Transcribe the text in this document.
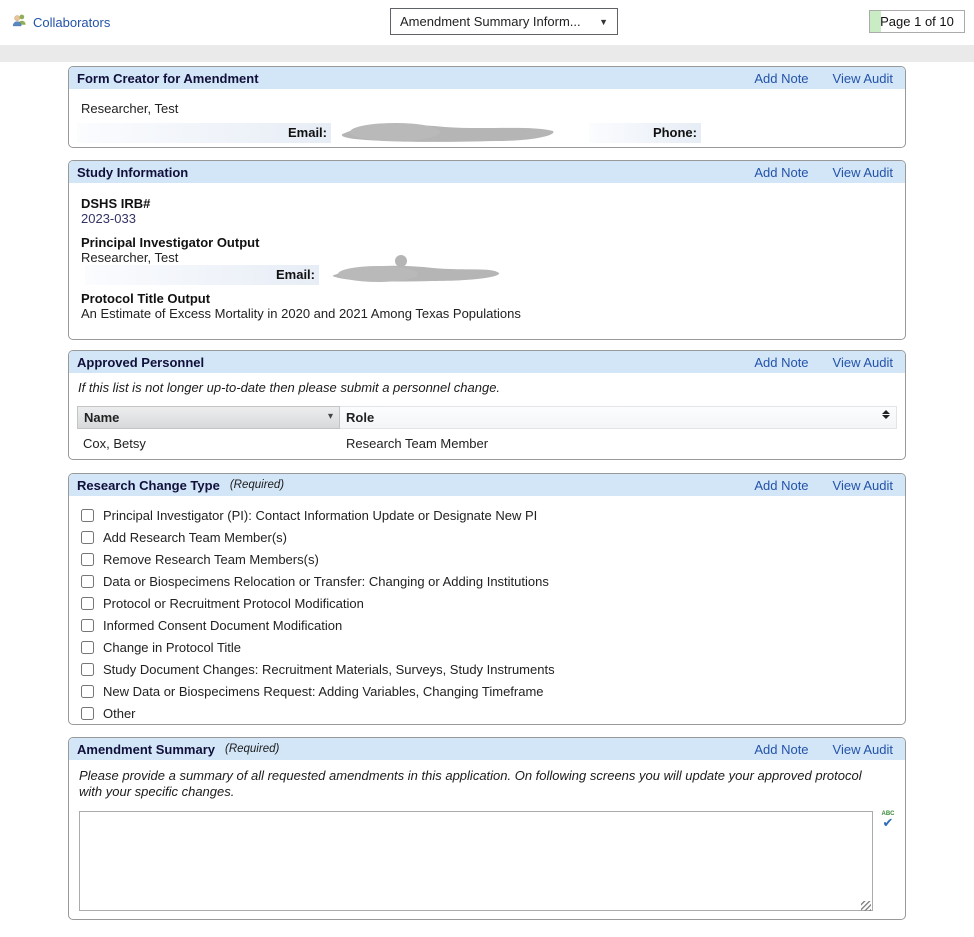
Collaborators	Amendment Summary Inform... ▼	Page 1 of 10
Form Creator for Amendment	Add Note View Audit
Researcher, Test
Email:	Phone:
Study Information	Add Note View Audit
DSHS IRB#
2023-033
Principal Investigator Output
Researcher, Test
Email:
Protocol Title Output
An Estimate of Excess Mortality in 2020 and 2021 Among Texas Populations
Approved Personnel	Add Note View Audit
If this list is not longer up-to-date then please submit a personnel change.
Name	▾	Role
Cox, Betsy	Research Team Member
Research Change Type (Required)	Add Note View Audit
Principal Investigator (PI): Contact Information Update or Designate New PI
Add Research Team Member(s)
Remove Research Team Members(s)
Data or Biospecimens Relocation or Transfer: Changing or Adding Institutions
Protocol or Recruitment Protocol Modification
Informed Consent Document Modification
Change in Protocol Title
Study Document Changes: Recruitment Materials, Surveys, Study Instruments
New Data or Biospecimens Request: Adding Variables, Changing Timeframe
Other
Amendment Summary (Required)	Add Note View Audit
Please provide a summary of all requested amendments in this application. On following screens you will update your approved protocol with your specific changes.
ABC
✔
